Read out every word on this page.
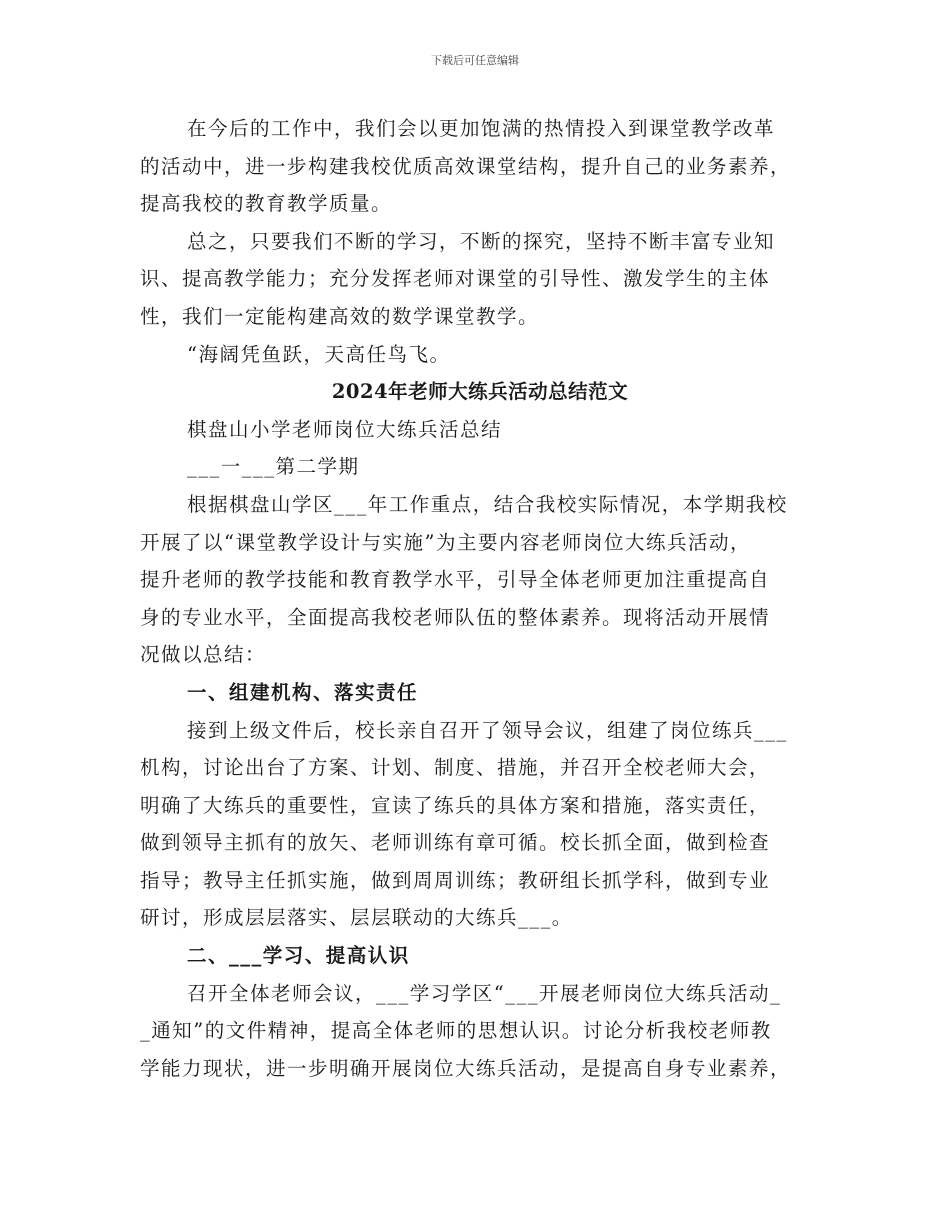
下载后可任意编辑
在今后的工作中，我们会以更加饱满的热情投入到课堂教学改革
的活动中，进一步构建我校优质高效课堂结构，提升自己的业务素养，
提高我校的教育教学质量。
总之，只要我们不断的学习，不断的探究，坚持不断丰富专业知
识、提高教学能力；充分发挥老师对课堂的引导性、激发学生的主体
性，我们一定能构建高效的数学课堂教学。
“海阔凭鱼跃，天高任鸟飞。
2024年老师大练兵活动总结范文
棋盘山小学老师岗位大练兵活总结
___一___第二学期
根据棋盘山学区___年工作重点，结合我校实际情况，本学期我校
开展了以“课堂教学设计与实施”为主要内容老师岗位大练兵活动，
提升老师的教学技能和教育教学水平，引导全体老师更加注重提高自
身的专业水平，全面提高我校老师队伍的整体素养。现将活动开展情
况做以总结：
一、组建机构、落实责任
接到上级文件后，校长亲自召开了领导会议，组建了岗位练兵___
机构，讨论出台了方案、计划、制度、措施，并召开全校老师大会，
明确了大练兵的重要性，宣读了练兵的具体方案和措施，落实责任，
做到领导主抓有的放矢、老师训练有章可循。校长抓全面，做到检查
指导；教导主任抓实施，做到周周训练；教研组长抓学科，做到专业
研讨，形成层层落实、层层联动的大练兵___。
二、___学习、提高认识
召开全体老师会议，___学习学区“___开展老师岗位大练兵活动_
_通知”的文件精神，提高全体老师的思想认识。讨论分析我校老师教
学能力现状，进一步明确开展岗位大练兵活动，是提高自身专业素养，
